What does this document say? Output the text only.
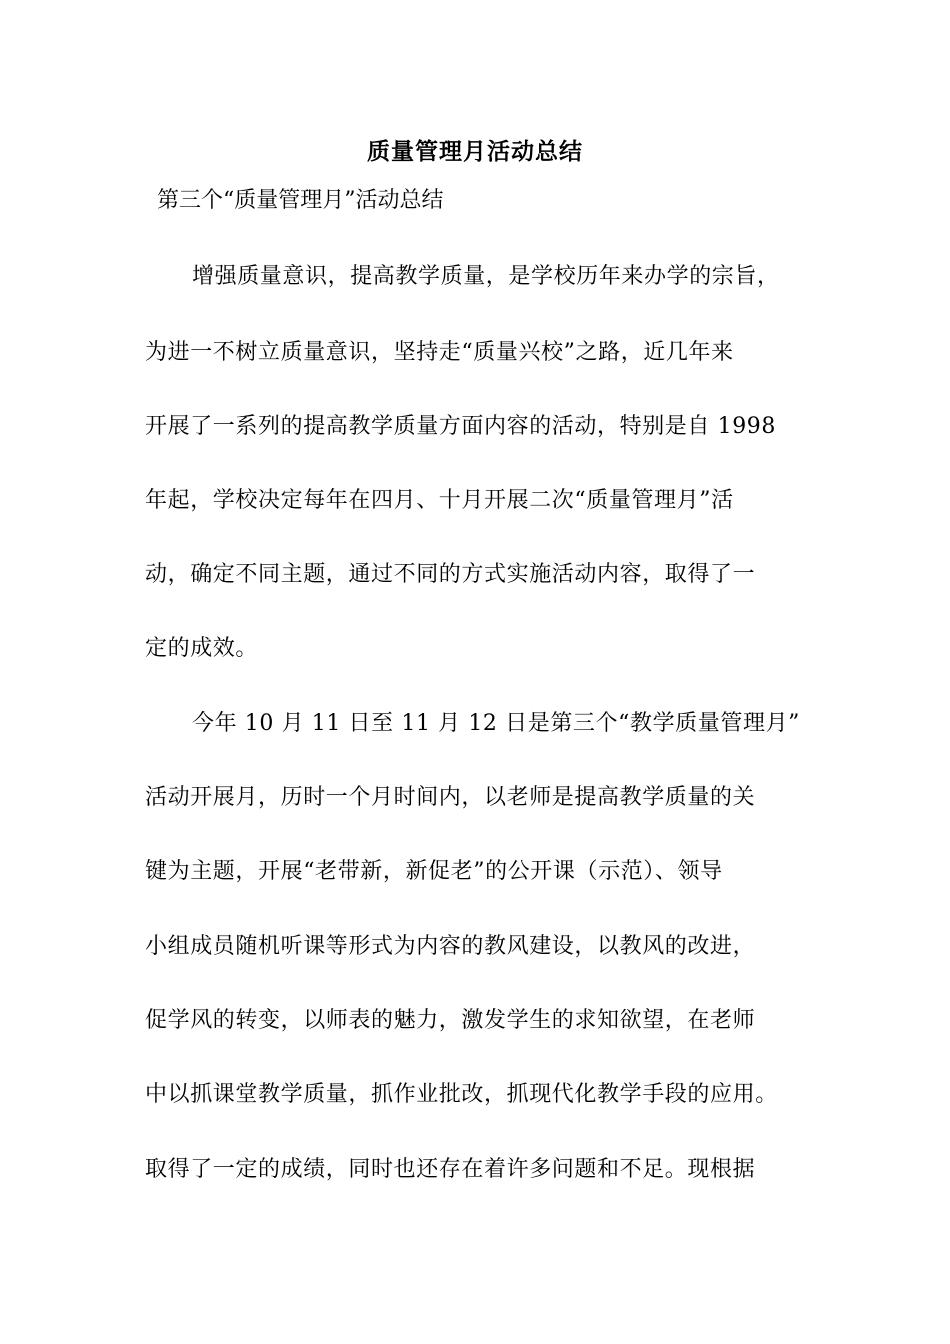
质量管理月活动总结
第三个“质量管理月”活动总结
增强质量意识，提高教学质量，是学校历年来办学的宗旨，
为进一不树立质量意识，坚持走“质量兴校”之路，近几年来
开展了一系列的提高教学质量方面内容的活动，特别是自 1998
年起，学校决定每年在四月、十月开展二次“质量管理月”活
动，确定不同主题，通过不同的方式实施活动内容，取得了一
定的成效。
今年 10 月 11 日至 11 月 12 日是第三个“教学质量管理月”
活动开展月，历时一个月时间内，以老师是提高教学质量的关
键为主题，开展“老带新，新促老”的公开课（示范）、领导
小组成员随机听课等形式为内容的教风建设，以教风的改进，
促学风的转变，以师表的魅力，激发学生的求知欲望，在老师
中以抓课堂教学质量，抓作业批改，抓现代化教学手段的应用。
取得了一定的成绩，同时也还存在着许多问题和不足。现根据
